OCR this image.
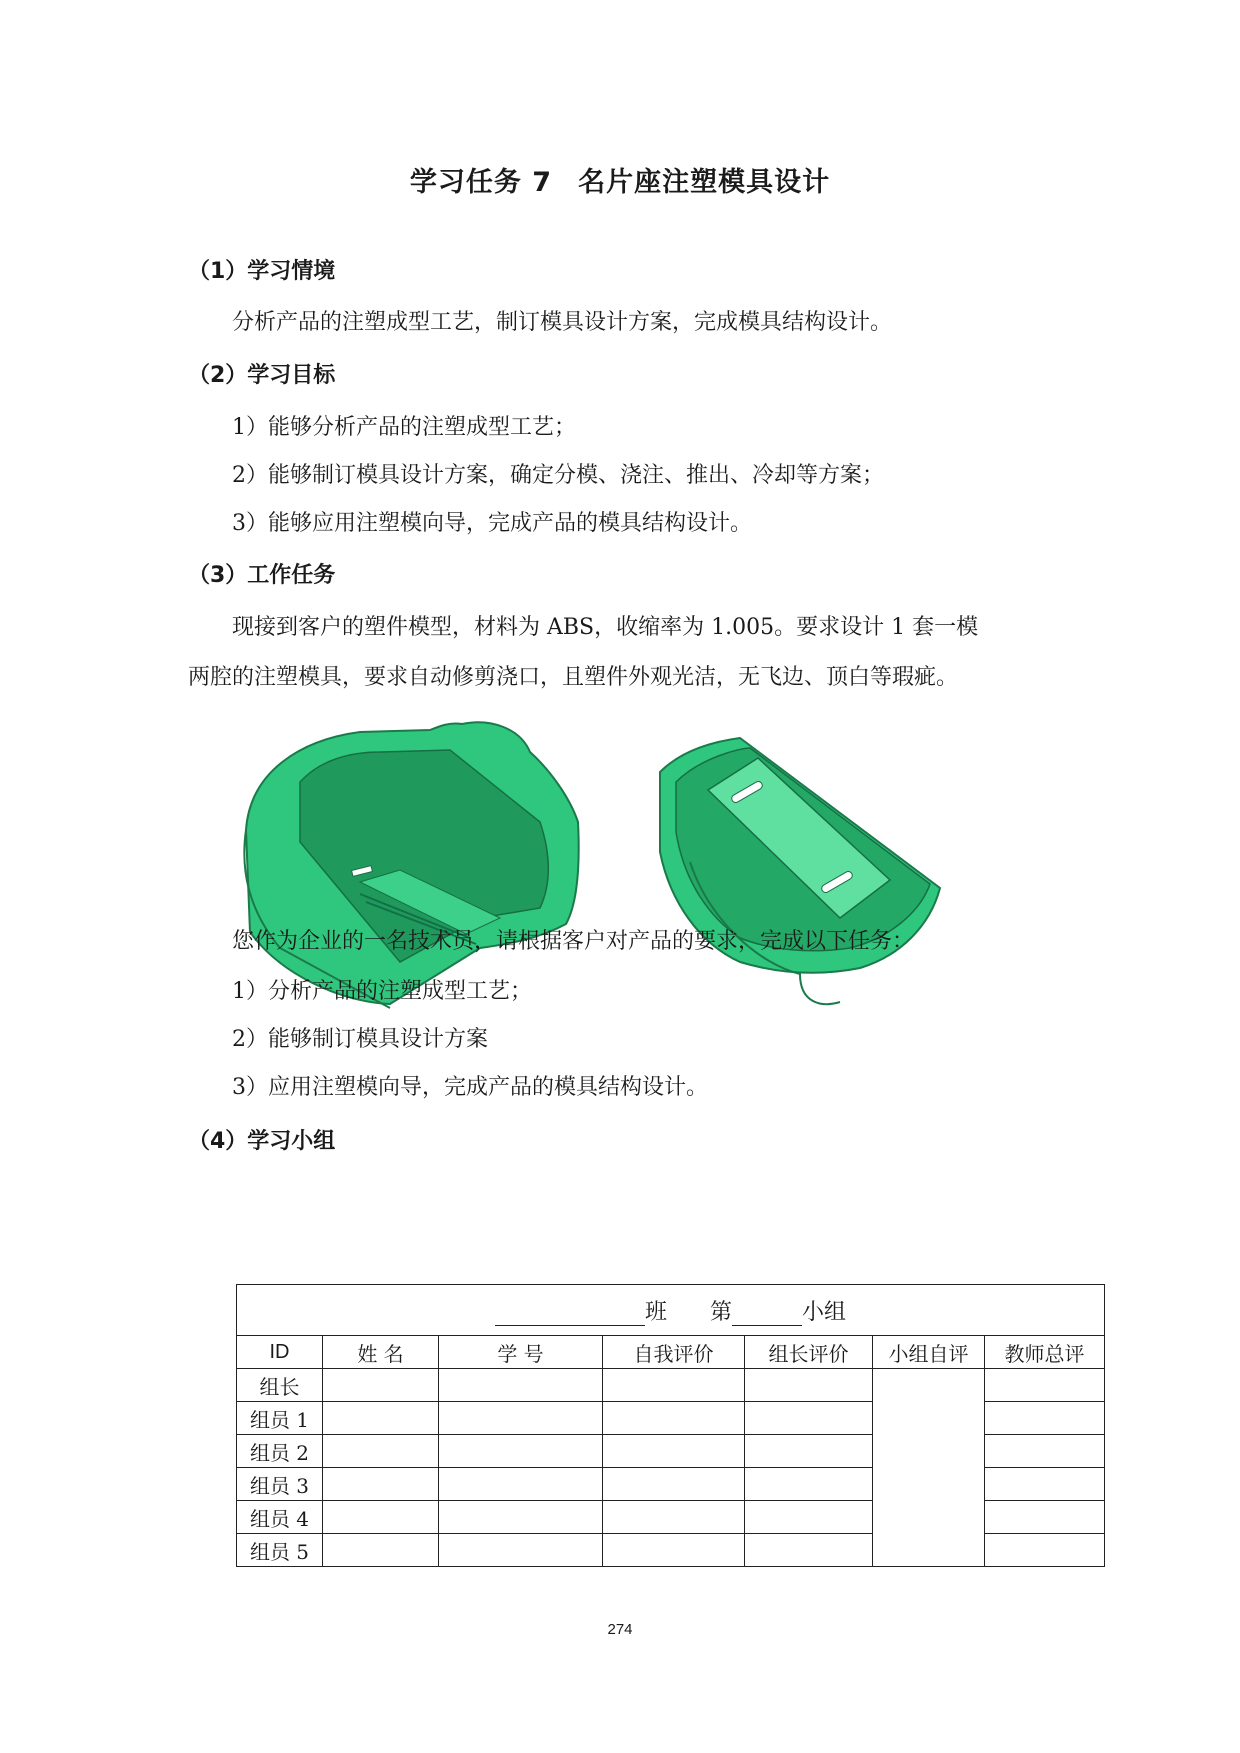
学习任务 7 名片座注塑模具设计
（1）学习情境
分析产品的注塑成型工艺，制订模具设计方案，完成模具结构设计。
（2）学习目标
1）能够分析产品的注塑成型工艺；
2）能够制订模具设计方案，确定分模、浇注、推出、冷却等方案；
3）能够应用注塑模向导，完成产品的模具结构设计。
（3）工作任务
现接到客户的塑件模型，材料为 ABS，收缩率为 1.005。要求设计 1 套一模
两腔的注塑模具，要求自动修剪浇口，且塑件外观光洁，无飞边、顶白等瑕疵。
您作为企业的一名技术员，请根据客户对产品的要求，完成以下任务：
1）分析产品的注塑成型工艺；
2）能够制订模具设计方案
3）应用注塑模向导，完成产品的模具结构设计。
（4）学习小组
班 第 小组						
ID	姓 名	学 号	自我评价	组长评价	小组自评	教师总评
组长						
组员 1						
组员 2						
组员 3						
组员 4						
组员 5						
274
